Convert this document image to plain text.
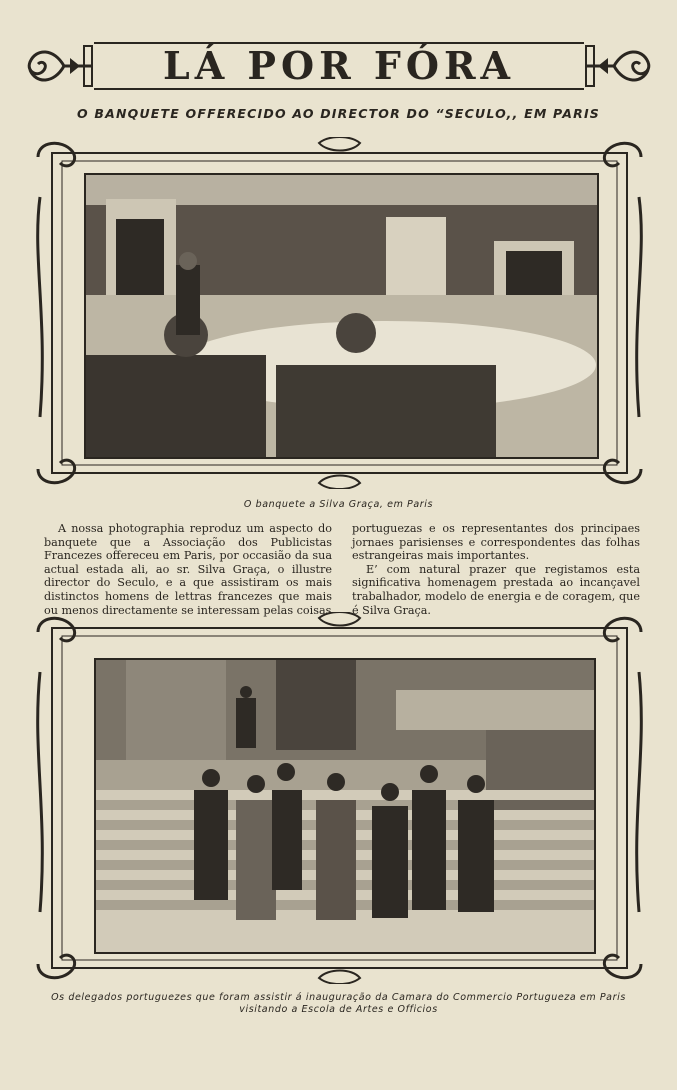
LÁ POR FÓRA
O BANQUETE OFFERECIDO AO DIRECTOR DO “SECULO,, EM PARIS
O banquete a Silva Graça, em Paris

A nossa photographia reproduz um aspecto do banquete que a Associação dos Publicistas Francezes offereceu em Paris, por occasião da sua actual estada ali, ao sr. Silva Graça, o illustre director do Seculo, e a que assistiram os mais distinctos homens de lettras francezes que mais ou menos directamente se interessam pelas coisas

portuguezas e os representantes dos principaes jornaes parisienses e correspondentes das folhas estrangeiras mais importantes.

E’ com natural prazer que registamos esta significativa homenagem prestada ao incançavel trabalhador, modelo de energia e de coragem, que é Silva Graça.

Os delegados portuguezes que foram assistir á inauguração da Camara do Commercio Portugueza em Paris
visitando a Escola de Artes e Officios
